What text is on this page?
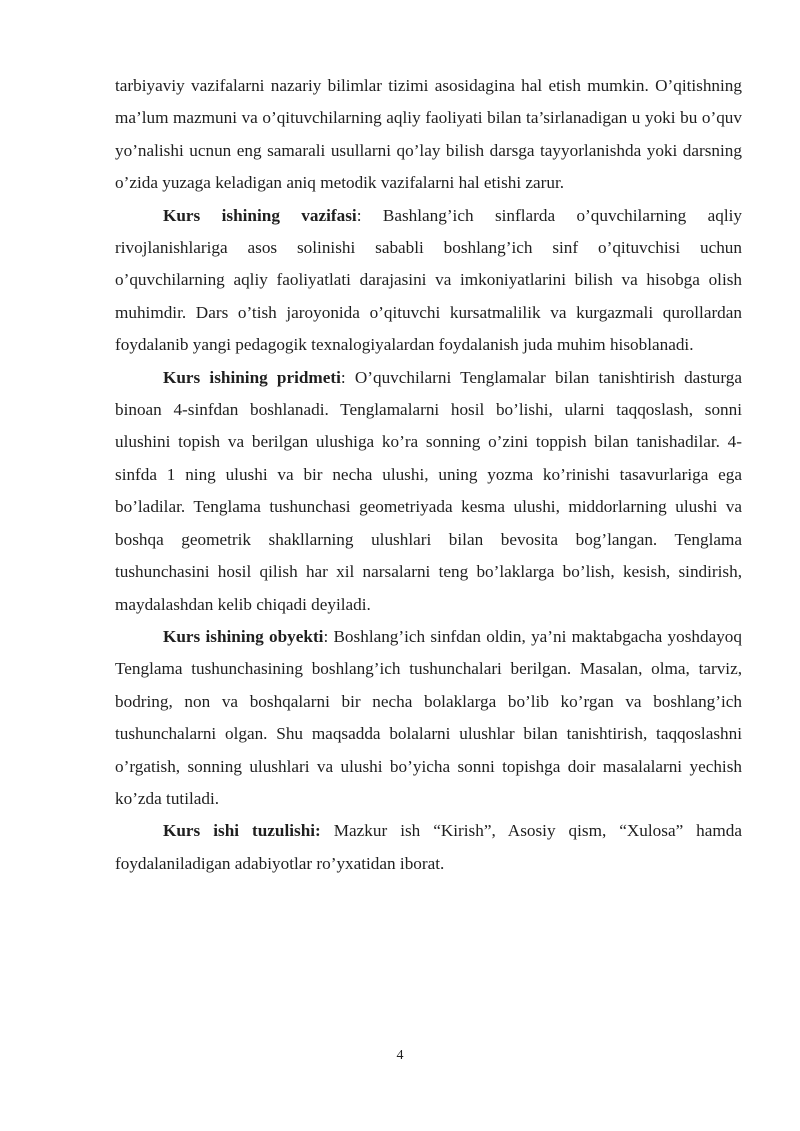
tarbiyaviy vazifalarni nazariy bilimlar tizimi asosidagina hal etish mumkin. O’qitishning ma’lum mazmuni va o’qituvchilarning aqliy faoliyati bilan ta’sirlanadigan u yoki bu o’quv yo’nalishi ucnun eng samarali usullarni qo’lay bilish darsga tayyorlanishda yoki darsning o’zida yuzaga keladigan aniq metodik vazifalarni hal etishi zarur.

Kurs ishining vazifasi: Bashlang’ich sinflarda o’quvchilarning aqliy rivojlanishlariga asos solinishi sababli boshlang’ich sinf o’qituvchisi uchun o’quvchilarning aqliy faoliyatlati darajasini va imkoniyatlarini bilish va hisobga olish muhimdir. Dars o’tish jaroyonida o’qituvchi kursatmalilik va kurgazmali qurollardan foydalanib yangi pedagogik texnalogiyalardan foydalanish juda muhim hisoblanadi.

Kurs ishining pridmeti: O’quvchilarni Tenglamalar bilan tanishtirish dasturga binoan 4-sinfdan boshlanadi. Tenglamalarni hosil bo’lishi, ularni taqqoslash, sonni ulushini topish va berilgan ulushiga ko’ra sonning o’zini toppish bilan tanishadilar. 4-sinfda 1 ning ulushi va bir necha ulushi, uning yozma ko’rinishi tasavurlariga ega bo’ladilar. Tenglama tushunchasi geometriyada kesma ulushi, middorlarning ulushi va boshqa geometrik shakllarning ulushlari bilan bevosita bog’langan. Tenglama tushunchasini hosil qilish har xil narsalarni teng bo’laklarga bo’lish, kesish, sindirish, maydalashdan kelib chiqadi deyiladi.

Kurs ishining obyekti: Boshlang’ich sinfdan oldin, ya’ni maktabgacha yoshdayoq Tenglama tushunchasining boshlang’ich tushunchalari berilgan. Masalan, olma, tarviz, bodring, non va boshqalarni bir necha bolaklarga bo’lib ko’rgan va boshlang’ich tushunchalarni olgan. Shu maqsadda bolalarni ulushlar bilan tanishtirish, taqqoslashni o’rgatish, sonning ulushlari va ulushi bo’yicha sonni topishga doir masalalarni yechish ko’zda tutiladi.

Kurs ishi tuzulishi: Mazkur ish “Kirish”, Asosiy qism, “Xulosa” hamda foydalaniladigan adabiyotlar ro’yxatidan iborat.

4
